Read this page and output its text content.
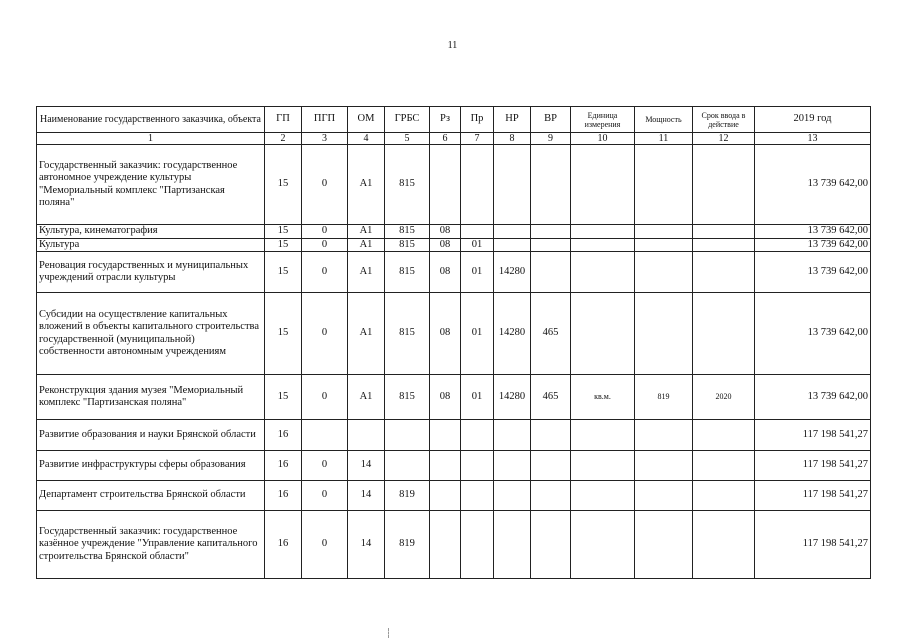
11
Наименование государственного заказчика, объекта	ГП	ПГП	ОМ	ГРБС	Рз	Пр	НР	ВР	Единица измерения	Мощность	Срок ввода в действие	2019 год
1	2	3	4	5	6	7	8	9	10	11	12	13
Государственный заказчик: государственное автономное учреждение культуры "Мемориальный комплекс "Партизанская поляна"	15	0	А1	815								13 739 642,00
Культура, кинематография	15	0	А1	815	08							13 739 642,00
Культура	15	0	А1	815	08	01						13 739 642,00
Реновация государственных и муниципальных учреждений отрасли культуры	15	0	А1	815	08	01	14280					13 739 642,00
Субсидии на осуществление капитальных вложений в объекты капитального строительства государственной (муниципальной) собственности автономным учреждениям	15	0	А1	815	08	01	14280	465				13 739 642,00
Реконструкция здания музея "Мемориальный комплекс "Партизанская поляна"	15	0	А1	815	08	01	14280	465	кв.м.	819	2020	13 739 642,00
Развитие образования и науки Брянской области	16											117 198 541,27
Развитие инфраструктуры сферы образования	16	0	14									117 198 541,27
Департамент строительства Брянской области	16	0	14	819								117 198 541,27
Государственный заказчик: государственное казённое учреждение "Управление капитального строительства Брянской области"	16	0	14	819								117 198 541,27
